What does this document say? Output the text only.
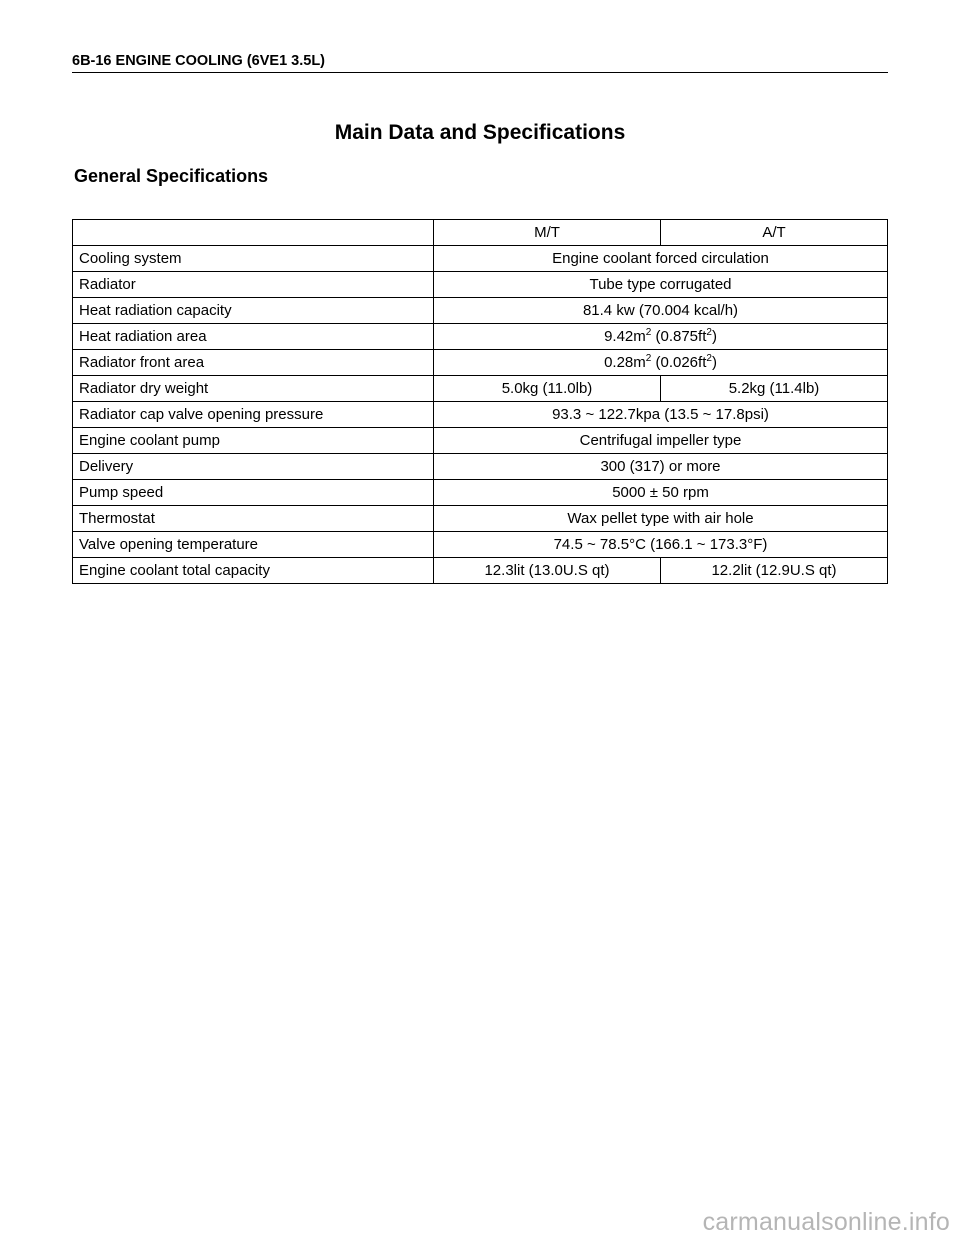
6B-16 ENGINE COOLING (6VE1 3.5L)
Main Data and Specifications
General Specifications
	M/T	A/T
Cooling system	Engine coolant forced circulation	
Radiator	Tube type corrugated	
Heat radiation capacity	81.4 kw (70.004 kcal/h)	
Heat radiation area	$9.42m^2$ $(0.875ft^2)$	
Radiator front area	$0.28m^2$ $(0.026ft^2)$	
Radiator dry weight	5.0kg (11.0lb)	5.2kg (11.4lb)
Radiator cap valve opening pressure	93.3 ~ 122.7kpa (13.5 ~ 17.8psi)	
Engine coolant pump	Centrifugal impeller type	
Delivery	300 (317) or more	
Pump speed	5000 ± 50 rpm	
Thermostat	Wax pellet type with air hole	
Valve opening temperature	74.5 ~ 78.5°C (166.1 ~ 173.3°F)	
Engine coolant total capacity	12.3lit (13.0U.S qt)	12.2lit (12.9U.S qt)
carmanualsonline.info
